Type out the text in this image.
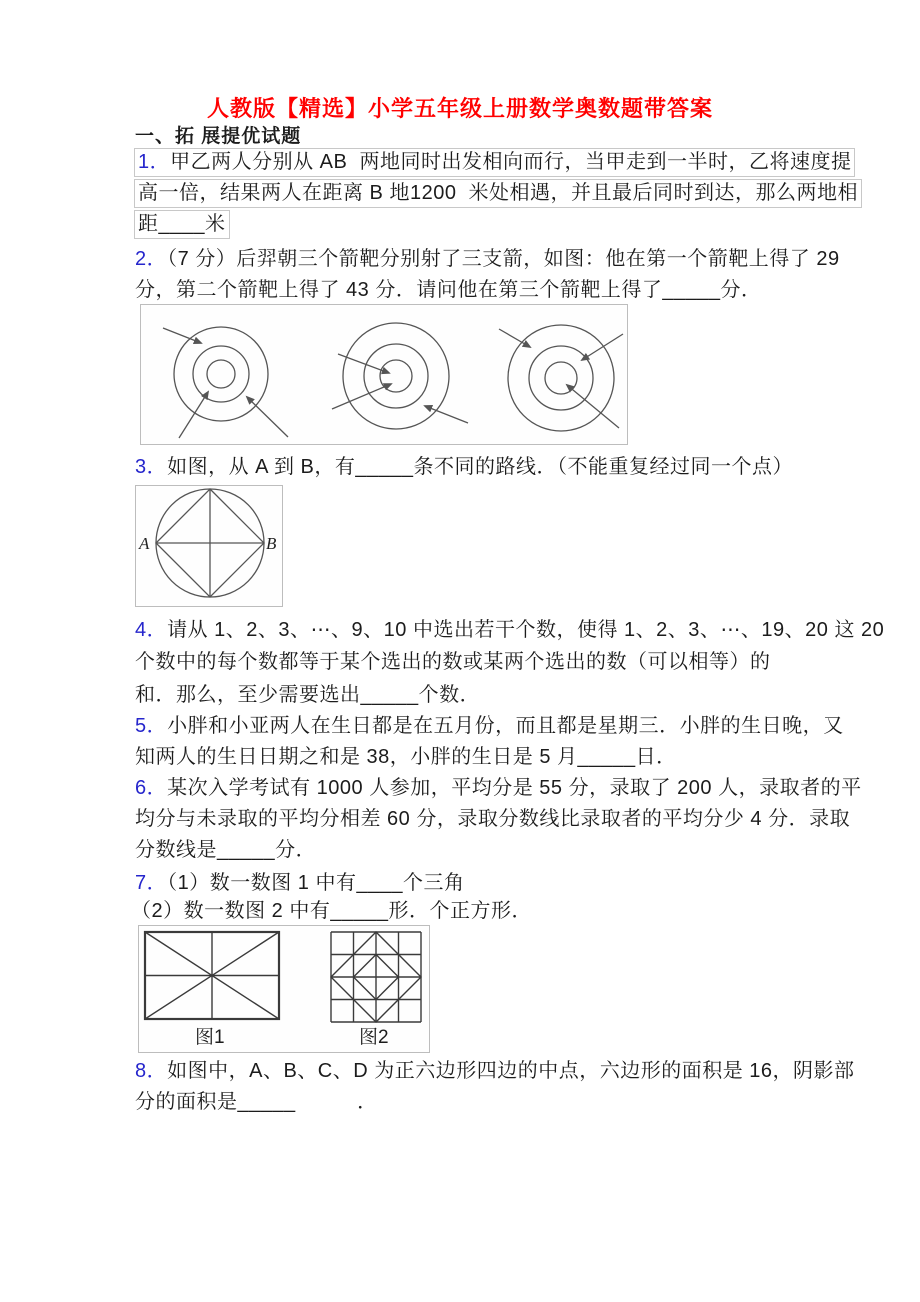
人教版【精选】小学五年级上册数学奥数题带答案
一、拓 展提优试题
1．甲乙两人分别从 AB  两地同时出发相向而行，当甲走到一半时，乙将速度提
高一倍，结果两人在距离 B 地1200  米处相遇，并且最后同时到达，那么两地相
距____米
2．（7 分）后羿朝三个箭靶分别射了三支箭，如图：他在第一个箭靶上得了 29
分，第二个箭靶上得了 43 分．请问他在第三个箭靶上得了_____分．
3．如图，从 A 到 B，有_____条不同的路线．（不能重复经过同一个点）
A	B
4．请从 1、2、3、⋯、9、10 中选出若干个数，使得 1、2、3、⋯、19、20 这 20
个数中的每个数都等于某个选出的数或某两个选出的数（可以相等）的
和．那么，至少需要选出_____个数．
5．小胖和小亚两人在生日都是在五月份，而且都是星期三．小胖的生日晚，又
知两人的生日日期之和是 38，小胖的生日是 5 月_____日．
6．某次入学考试有 1000 人参加，平均分是 55 分，录取了 200 人，录取者的平
均分与未录取的平均分相差 60 分，录取分数线比录取者的平均分少 4 分．录取
分数线是_____分．
7．（1）数一数图 1 中有____个三角
（2）数一数图 2 中有_____形．个正方形．
图1	图2
8．如图中，A、B、C、D 为正六边形四边的中点，六边形的面积是 16，阴影部
分的面积是_____　　　．
